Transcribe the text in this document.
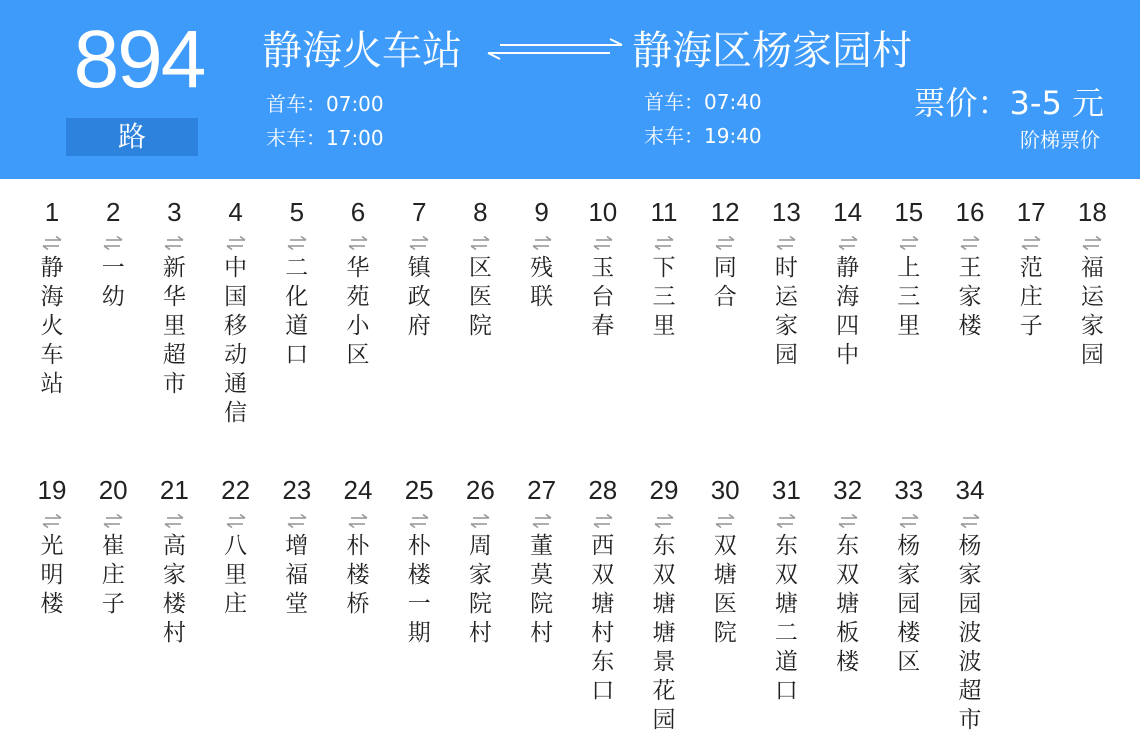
894
路
静海火车站	静海区杨家园村
首车：07:00
末车：17:00
首车：07:40
末车：19:40
票价：3-5 元
阶梯票价
1
静海火车站
2
一幼
3
新华里超市
4
中国移动通信
5
二化道口
6
华苑小区
7
镇政府
8
区医院
9
残联
10
玉台春
11
下三里
12
同合
13
时运家园
14
静海四中
15
上三里
16
王家楼
17
范庄子
18
福运家园
19
光明楼
20
崔庄子
21
高家楼村
22
八里庄
23
增福堂
24
朴楼桥
25
朴楼一期
26
周家院村
27
董莫院村
28
西双塘村东口
29
东双塘塘景花园
30
双塘医院
31
东双塘二道口
32
东双塘板楼
33
杨家园楼区
34
杨家园波波超市
